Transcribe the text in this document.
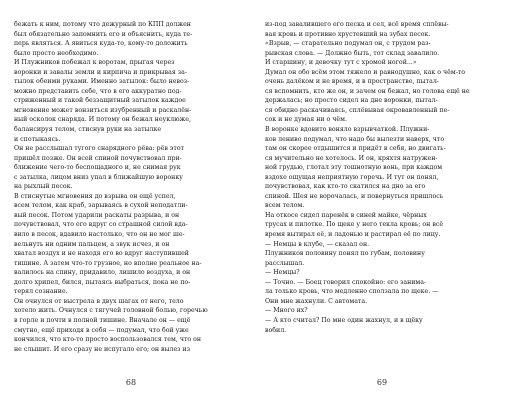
бежать к ним, потому что дежурный по КПП должен
был обязательно запомнить его и объяснить, куда те-
перь являться. А явиться куда-то, кому-то доложить
было просто необходимо.
И Плужников побежал к воротам, прыгая через
воронки и завалы земли и кирпича и прикрывая за-
тылок обеими руками. Именно затылок: было невоз-
можно представить себе, что в его аккуратно под-
стриженный и такой беззащитный затылок каждое
мгновение может вонзиться изубренный и раскалён-
ный осколок снаряда. И потому он бежал неуклюже,
балансируя телом, стиснув руки на затылке
и спотыкаясь.
Он не расслышал тугого снарядного рёва: рёв этот
пришёл позже. Он всей спиной почувствовал при-
ближение чего-то беспощадного и, не снимая рук
с затылка, лицом вниз упал в ближайшую воронку
на рыхлый песок.
В стиснутые мгновения до взрыва он ещё успел,
всем телом, как краб, зарываясь в сухой неподатли-
вый песок. Потом ударили раскаты разрыва, и он
почувствовал, что его вдруг со страшной силой вда-
вило в песок, вдавило настолько, что он не мог ше-
вельнуть ни одним пальцем, а звук исчез, и он
хватал воздух и не находя его во вдруг наступившей
тишине. А затем что-то грузное, но вполне реальное на-
валилось на спину, придавило, лишило воздуха, и он
долго хрипел, бился, пытаясь выбраться, пока не по-
терял сознание.
Он очнулся от выстрела в двух шагах от него, тело
хотело жить. Очнулся с тягучей головной болью, горечью
в горле и почти в полной тишине. Вначале он — ещё
смутно, ещё приходя в себя — подумал, что бой уже
кончился, что кто-то просто воспользовался тем, что он
не слышит. И его сразу не испугало его; он вылез из
68
из-под завалившего его песка и сел, всё время сплёвы-
вая кровь и противно хрустевший на зубах песок.
«Взрыв, — старательно подумал он, с трудом раз-
рывская слова. — Должно быть, тот склад завалило.
И старшину, и девочку тут с хромой ногой...»
Думал он обо всём этом тяжело и равнодушно, как о чём-то
очень далёком и не время, и в пространстве, пытал-
ся вспомнить, кто же он, и зачем он бежал, но голова ещё не
держалась; но просто сидел на дне воронки, пытал-
ся обидно раскачиваясь, сплёвывая окровавленный пе-
сок и не думая ни о чём.
В воронке вдовито воняло взрывчаткой. Плужни-
ков лениво подумал, что надо бы вылезти наверх, что
там он скорее отдышится и придёт в себя, но двигать-
ся мучительно не хотелось. И он, кряхтя натружен-
ной грудью, глотал эту тошнотную вонь, при каждом
вздохе ощущая неприятную горечь. И тут он понял,
почувствовал, как кто-то скатился на дно за его
спиной. Шея не ворочалась, и повернуться пришлось
всем телом.
На откосе сидел паренёк в синей майке, чёрных
трусах и пилотке. По щеке у него текла кровь; он всё
время вытирал её, и ладонью и растирал её по лицу.
— Немцы в клубе, — сказал он.
Плужников половину понял по губам, половину
расслышал.
— Немцы?
— Точно. — Боец говорил спокойно: его занима-
ла только кровь, что медленно сползала по щеке. —
Они мне жахнули. С автомата.
— Много их?
— А кто считал? По мне один жахнул, и в щёку
вобил.
69
